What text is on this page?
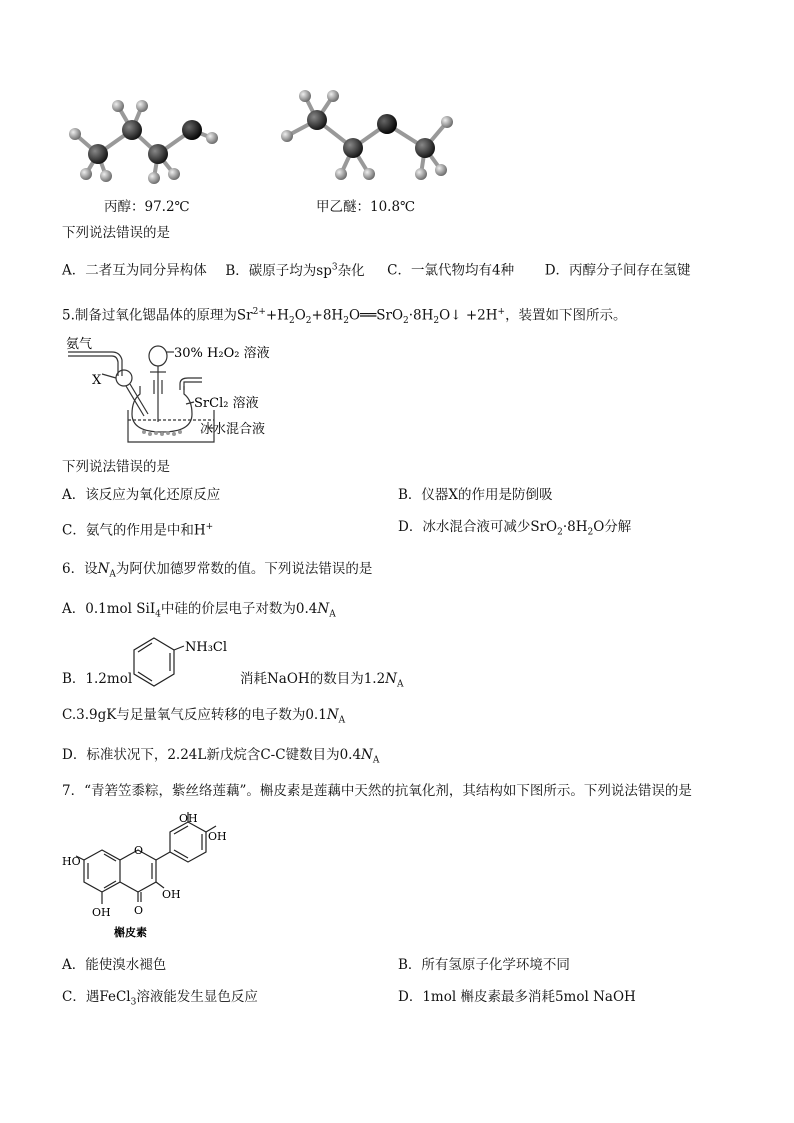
丙醇：97.2℃	甲乙醚：10.8℃
下列说法错误的是
A．二者互为同分异构体 B．碳原子均为$sp^3$杂化 C．一氯代物均有4种 D．丙醇分子间存在氢键
5.制备过氧化锶晶体的原理为$Sr^{2+}+H_2O_2+8H_2O══SrO_2\cdot 8H_2O↓ +2H^+$，装置如下图所示。
氨气
X
30% H₂O₂ 溶液
SrCl₂ 溶液
冰水混合液
下列说法错误的是
A．该反应为氧化还原反应	B．仪器X的作用是防倒吸
C．氨气的作用是中和H+	D．冰水混合液可减少$SrO_2\cdot 8H_2O$分解
6．设$N_A$为阿伏加德罗常数的值。下列说法错误的是
A．0.1mol SiI$_4$中硅的价层电子对数为$0.4N_A$
NH₃Cl
B．1.2mol	消耗NaOH的数目为$1.2N_A$
C.3.9gK与足量氧气反应转移的电子数为$0.1N_A$
D．标准状况下，2.24L新戊烷含C-C键数目为$0.4N_A$
7．“青箬笠黍粽，紫丝络莲藕”。槲皮素是莲藕中天然的抗氧化剂，其结构如下图所示。下列说法错误的是
OH
OH
HO
O
OH
OH O
槲皮素
A．能使溴水褪色	B．所有氢原子化学环境不同
C．遇FeCl$_3$溶液能发生显色反应	D．1mol 槲皮素最多消耗5mol NaOH
